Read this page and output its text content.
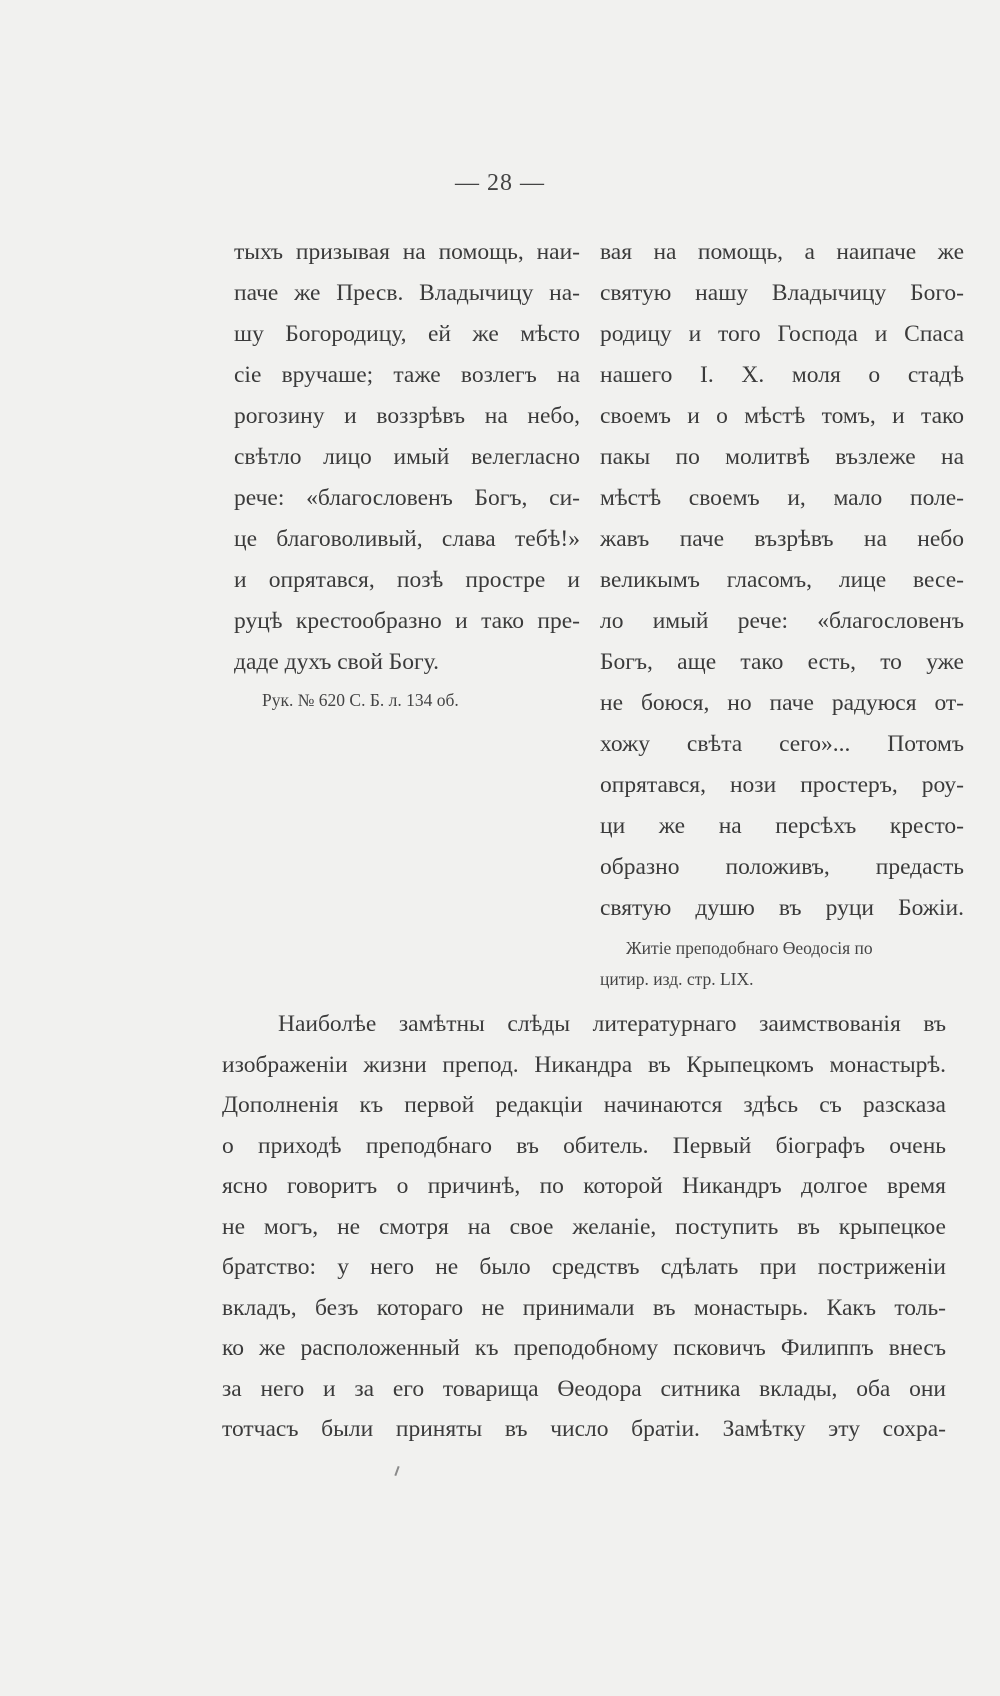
— 28 —
тыхъ призывая на помощь, наи-
паче же Пресв. Владычицу на-
шу Богородицу, ей же мѣсто
сіе вручаше; таже возлегъ на
рогозину и воззрѣвъ на небо,
свѣтло лицо имый велегласно
рече: «благословенъ Богъ, си-
це благоволивый, слава тебѣ!»
и опрятався, позѣ простре и
руцѣ крестообразно и тако пре-
даде духъ свой Богу.
Рук. № 620 С. Б. л. 134 об.
вая на помощь, а наипаче же
святую нашу Владычицу Бого-
родицу и того Господа и Спаса
нашего І. Х. моля о стадѣ
своемъ и о мѣстѣ томъ, и тако
пакы по молитвѣ възлеже на
мѣстѣ своемъ и, мало поле-
жавъ паче възрѣвъ на небо
великымъ гласомъ, лице весе-
ло имый рече: «благословенъ
Богъ, аще тако есть, то уже
не боюся, но паче радуюся от-
хожу свѣта сего»... Потомъ
опрятався, нози простеръ, роу-
ци же на персѣхъ кресто-
образно положивъ, предасть
святую душю въ руци Божіи.
Житіе преподобнаго Өеодосія по
цитир. изд. стр. LIX.
Наиболѣе замѣтны слѣды литературнаго заимствованія въ
изображеніи жизни препод. Никандра въ Крыпецкомъ монастырѣ.
Дополненія къ первой редакціи начинаются здѣсь съ разсказа
о приходѣ преподбнаго въ обитель. Первый біографъ очень
ясно говоритъ о причинѣ, по которой Никандръ долгое время
не могъ, не смотря на свое желаніе, поступить въ крыпецкое
братство: у него не было средствъ сдѣлать при постриженіи
вкладъ, безъ котораго не принимали въ монастырь. Какъ толь-
ко же расположенный къ преподобному псковичъ Филиппъ внесъ
за него и за его товарища Өеодора ситника вклады, оба они
тотчасъ были приняты въ число братіи. Замѣтку эту сохра-
